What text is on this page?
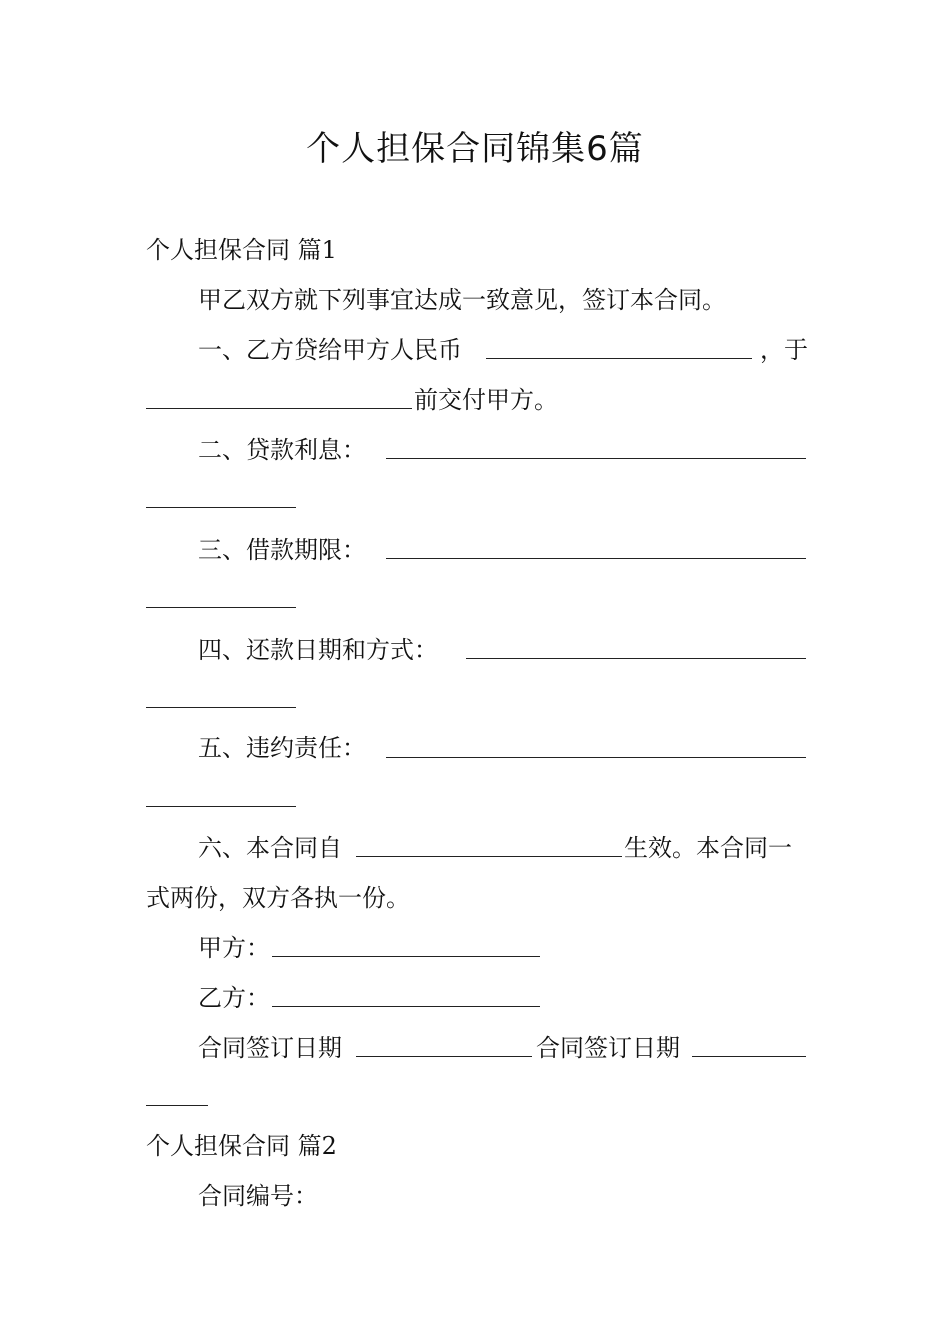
个人担保合同锦集6篇
个人担保合同 篇1
甲乙双方就下列事宜达成一致意见，签订本合同。
一、乙方贷给甲方人民币	，于
前交付甲方。
二、贷款利息：
三、借款期限：
四、还款日期和方式：
五、违约责任：
六、本合同自	生效。本合同一
式两份，双方各执一份。
甲方：
乙方：
合同签订日期	合同签订日期
个人担保合同 篇2
合同编号：
